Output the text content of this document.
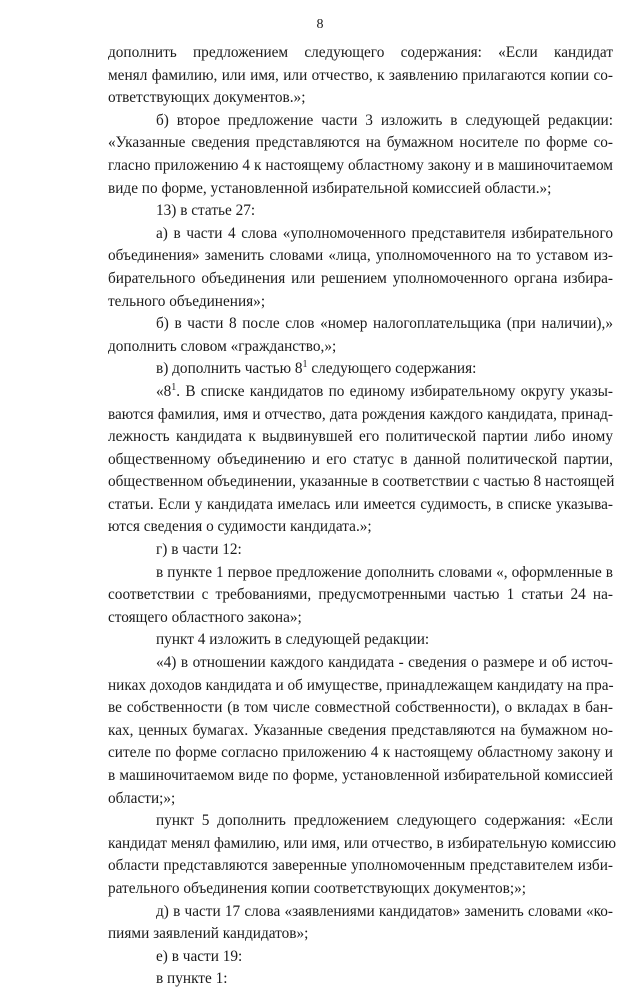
8
дополнить предложением следующего содержания: «Если кандидат
менял фамилию, или имя, или отчество, к заявлению прилагаются копии со-
ответствующих документов.»;
б) второе предложение части 3 изложить в следующей редакции:
«Указанные сведения представляются на бумажном носителе по форме со-
гласно приложению 4 к настоящему областному закону и в машиночитаемом
виде по форме, установленной избирательной комиссией области.»;
13) в статье 27:
а) в части 4 слова «уполномоченного представителя избирательного
объединения» заменить словами «лица, уполномоченного на то уставом из-
бирательного объединения или решением уполномоченного органа избира-
тельного объединения»;
б) в части 8 после слов «номер налогоплательщика (при наличии),»
дополнить словом «гражданство,»;
в) дополнить частью $8^1$ следующего содержания:
«$8^1$. В списке кандидатов по единому избирательному округу указы-
ваются фамилия, имя и отчество, дата рождения каждого кандидата, принад-
лежность кандидата к выдвинувшей его политической партии либо иному
общественному объединению и его статус в данной политической партии,
общественном объединении, указанные в соответствии с частью 8 настоящей
статьи. Если у кандидата имелась или имеется судимость, в списке указыва-
ются сведения о судимости кандидата.»;
г) в части 12:
в пункте 1 первое предложение дополнить словами «, оформленные в
соответствии с требованиями, предусмотренными частью 1 статьи 24 на-
стоящего областного закона»;
пункт 4 изложить в следующей редакции:
«4) в отношении каждого кандидата - сведения о размере и об источ-
никах доходов кандидата и об имуществе, принадлежащем кандидату на пра-
ве собственности (в том числе совместной собственности), о вкладах в бан-
ках, ценных бумагах. Указанные сведения представляются на бумажном но-
сителе по форме согласно приложению 4 к настоящему областному закону и
в машиночитаемом виде по форме, установленной избирательной комиссией
области;»;
пункт 5 дополнить предложением следующего содержания: «Если
кандидат менял фамилию, или имя, или отчество, в избирательную комиссию
области представляются заверенные уполномоченным представителем изби-
рательного объединения копии соответствующих документов;»;
д) в части 17 слова «заявлениями кандидатов» заменить словами «ко-
пиями заявлений кандидатов»;
е) в части 19:
в пункте 1:
